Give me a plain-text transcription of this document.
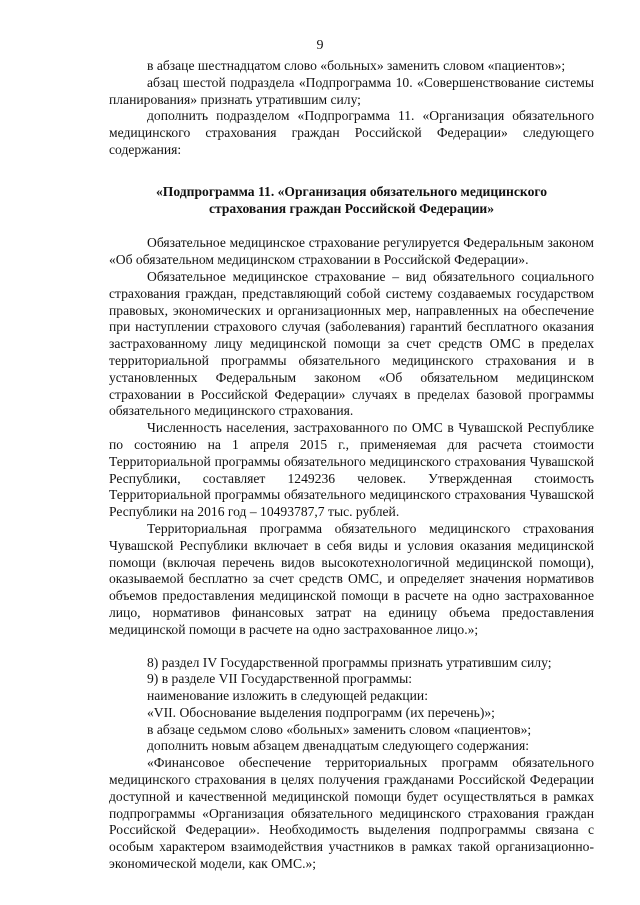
9

в абзаце шестнадцатом слово «больных» заменить словом «пациентов»;

абзац шестой подраздела «Подпрограмма 10. «Совершенствование системы планирования» признать утратившим силу;

дополнить подразделом «Подпрограмма 11. «Организация обязательного медицинского страхования граждан Российской Федерации» следующего содержания:

«Подпрограмма 11. «Организация обязательного медицинского страхования граждан Российской Федерации»

Обязательное медицинское страхование регулируется Федеральным законом «Об обязательном медицинском страховании в Российской Федерации».

Обязательное медицинское страхование – вид обязательного социального страхования граждан, представляющий собой систему создаваемых государством правовых, экономических и организационных мер, направленных на обеспечение при наступлении страхового случая (заболевания) гарантий бесплатного оказания застрахованному лицу медицинской помощи за счет средств ОМС в пределах территориальной программы обязательного медицинского страхования и в установленных Федеральным законом «Об обязательном медицинском страховании в Российской Федерации» случаях в пределах базовой программы обязательного медицинского страхования.

Численность населения, застрахованного по ОМС в Чувашской Республике по состоянию на 1 апреля 2015 г., применяемая для расчета стоимости Территориальной программы обязательного медицинского страхования Чувашской Республики, составляет 1249236 человек. Утвержденная стоимость Территориальной программы обязательного медицинского страхования Чувашской Республики на 2016 год – 10493787,7 тыс. рублей.

Территориальная программа обязательного медицинского страхования Чувашской Республики включает в себя виды и условия оказания медицинской помощи (включая перечень видов высокотехнологичной медицинской помощи), оказываемой бесплатно за счет средств ОМС, и определяет значения нормативов объемов предоставления медицинской помощи в расчете на одно застрахованное лицо, нормативов финансовых затрат на единицу объема предоставления медицинской помощи в расчете на одно застрахованное лицо.»;

8) раздел IV Государственной программы признать утратившим силу;

9) в разделе VII Государственной программы:

наименование изложить в следующей редакции:

«VII. Обоснование выделения подпрограмм (их перечень)»;

в абзаце седьмом слово «больных» заменить словом «пациентов»;

дополнить новым абзацем двенадцатым следующего содержания:

«Финансовое обеспечение территориальных программ обязательного медицинского страхования в целях получения гражданами Российской Федерации доступной и качественной медицинской помощи будет осуществляться в рамках подпрограммы «Организация обязательного медицинского страхования граждан Российской Федерации». Необходимость выделения подпрограммы связана с особым характером взаимодействия участников в рамках такой организационно-экономической модели, как ОМС.»;
